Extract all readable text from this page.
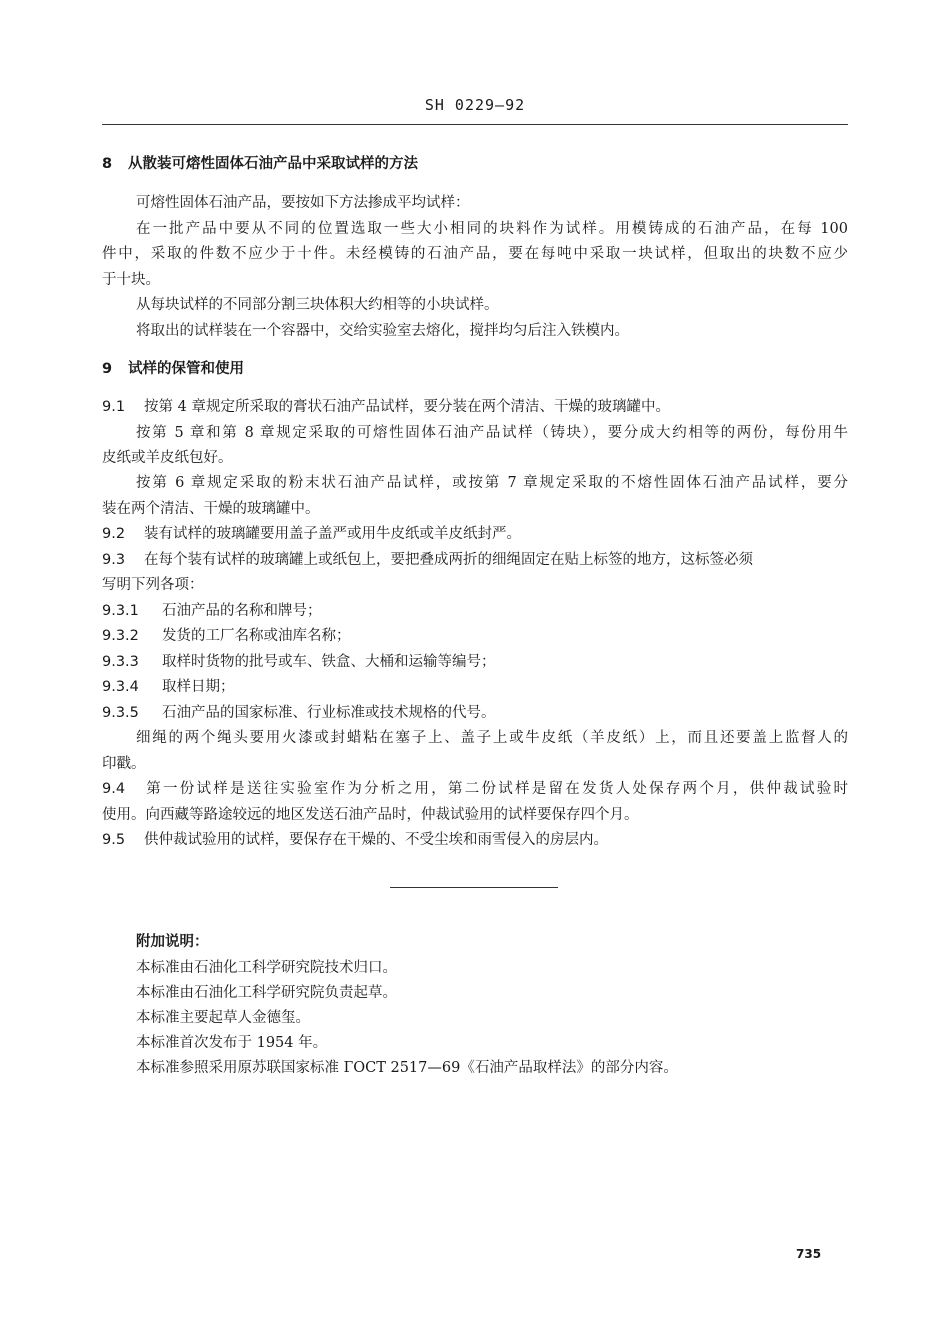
SH 0229—92
8 从散装可熔性固体石油产品中采取试样的方法
可熔性固体石油产品，要按如下方法掺成平均试样：
在一批产品中要从不同的位置选取一些大小相同的块料作为试样。用模铸成的石油产品，在每 100
件中，采取的件数不应少于十件。未经模铸的石油产品，要在每吨中采取一块试样，但取出的块数不应少
于十块。
从每块试样的不同部分割三块体积大约相等的小块试样。
将取出的试样装在一个容器中，交给实验室去熔化，搅拌均匀后注入铁模内。
9 试样的保管和使用
9.1 按第 4 章规定所采取的膏状石油产品试样，要分装在两个清洁、干燥的玻璃罐中。
按第 5 章和第 8 章规定采取的可熔性固体石油产品试样（铸块），要分成大约相等的两份，每份用牛
皮纸或羊皮纸包好。
按第 6 章规定采取的粉末状石油产品试样，或按第 7 章规定采取的不熔性固体石油产品试样，要分
装在两个清洁、干燥的玻璃罐中。
9.2 装有试样的玻璃罐要用盖子盖严或用牛皮纸或羊皮纸封严。
9.3 在每个装有试样的玻璃罐上或纸包上，要把叠成两折的细绳固定在贴上标签的地方，这标签必须
写明下列各项：
9.3.1 石油产品的名称和牌号；
9.3.2 发货的工厂名称或油库名称；
9.3.3 取样时货物的批号或车、铁盒、大桶和运输等编号；
9.3.4 取样日期；
9.3.5 石油产品的国家标准、行业标准或技术规格的代号。
细绳的两个绳头要用火漆或封蜡粘在塞子上、盖子上或牛皮纸（羊皮纸）上，而且还要盖上监督人的
印戳。
9.4 第一份试样是送往实验室作为分析之用，第二份试样是留在发货人处保存两个月，供仲裁试验时
使用。向西藏等路途较远的地区发送石油产品时，仲裁试验用的试样要保存四个月。
9.5 供仲裁试验用的试样，要保存在干燥的、不受尘埃和雨雪侵入的房层内。
附加说明：
本标准由石油化工科学研究院技术归口。
本标准由石油化工科学研究院负责起草。
本标准主要起草人金德玺。
本标准首次发布于 1954 年。
本标准参照采用原苏联国家标准 ГОСТ 2517—69《石油产品取样法》的部分内容。
735
